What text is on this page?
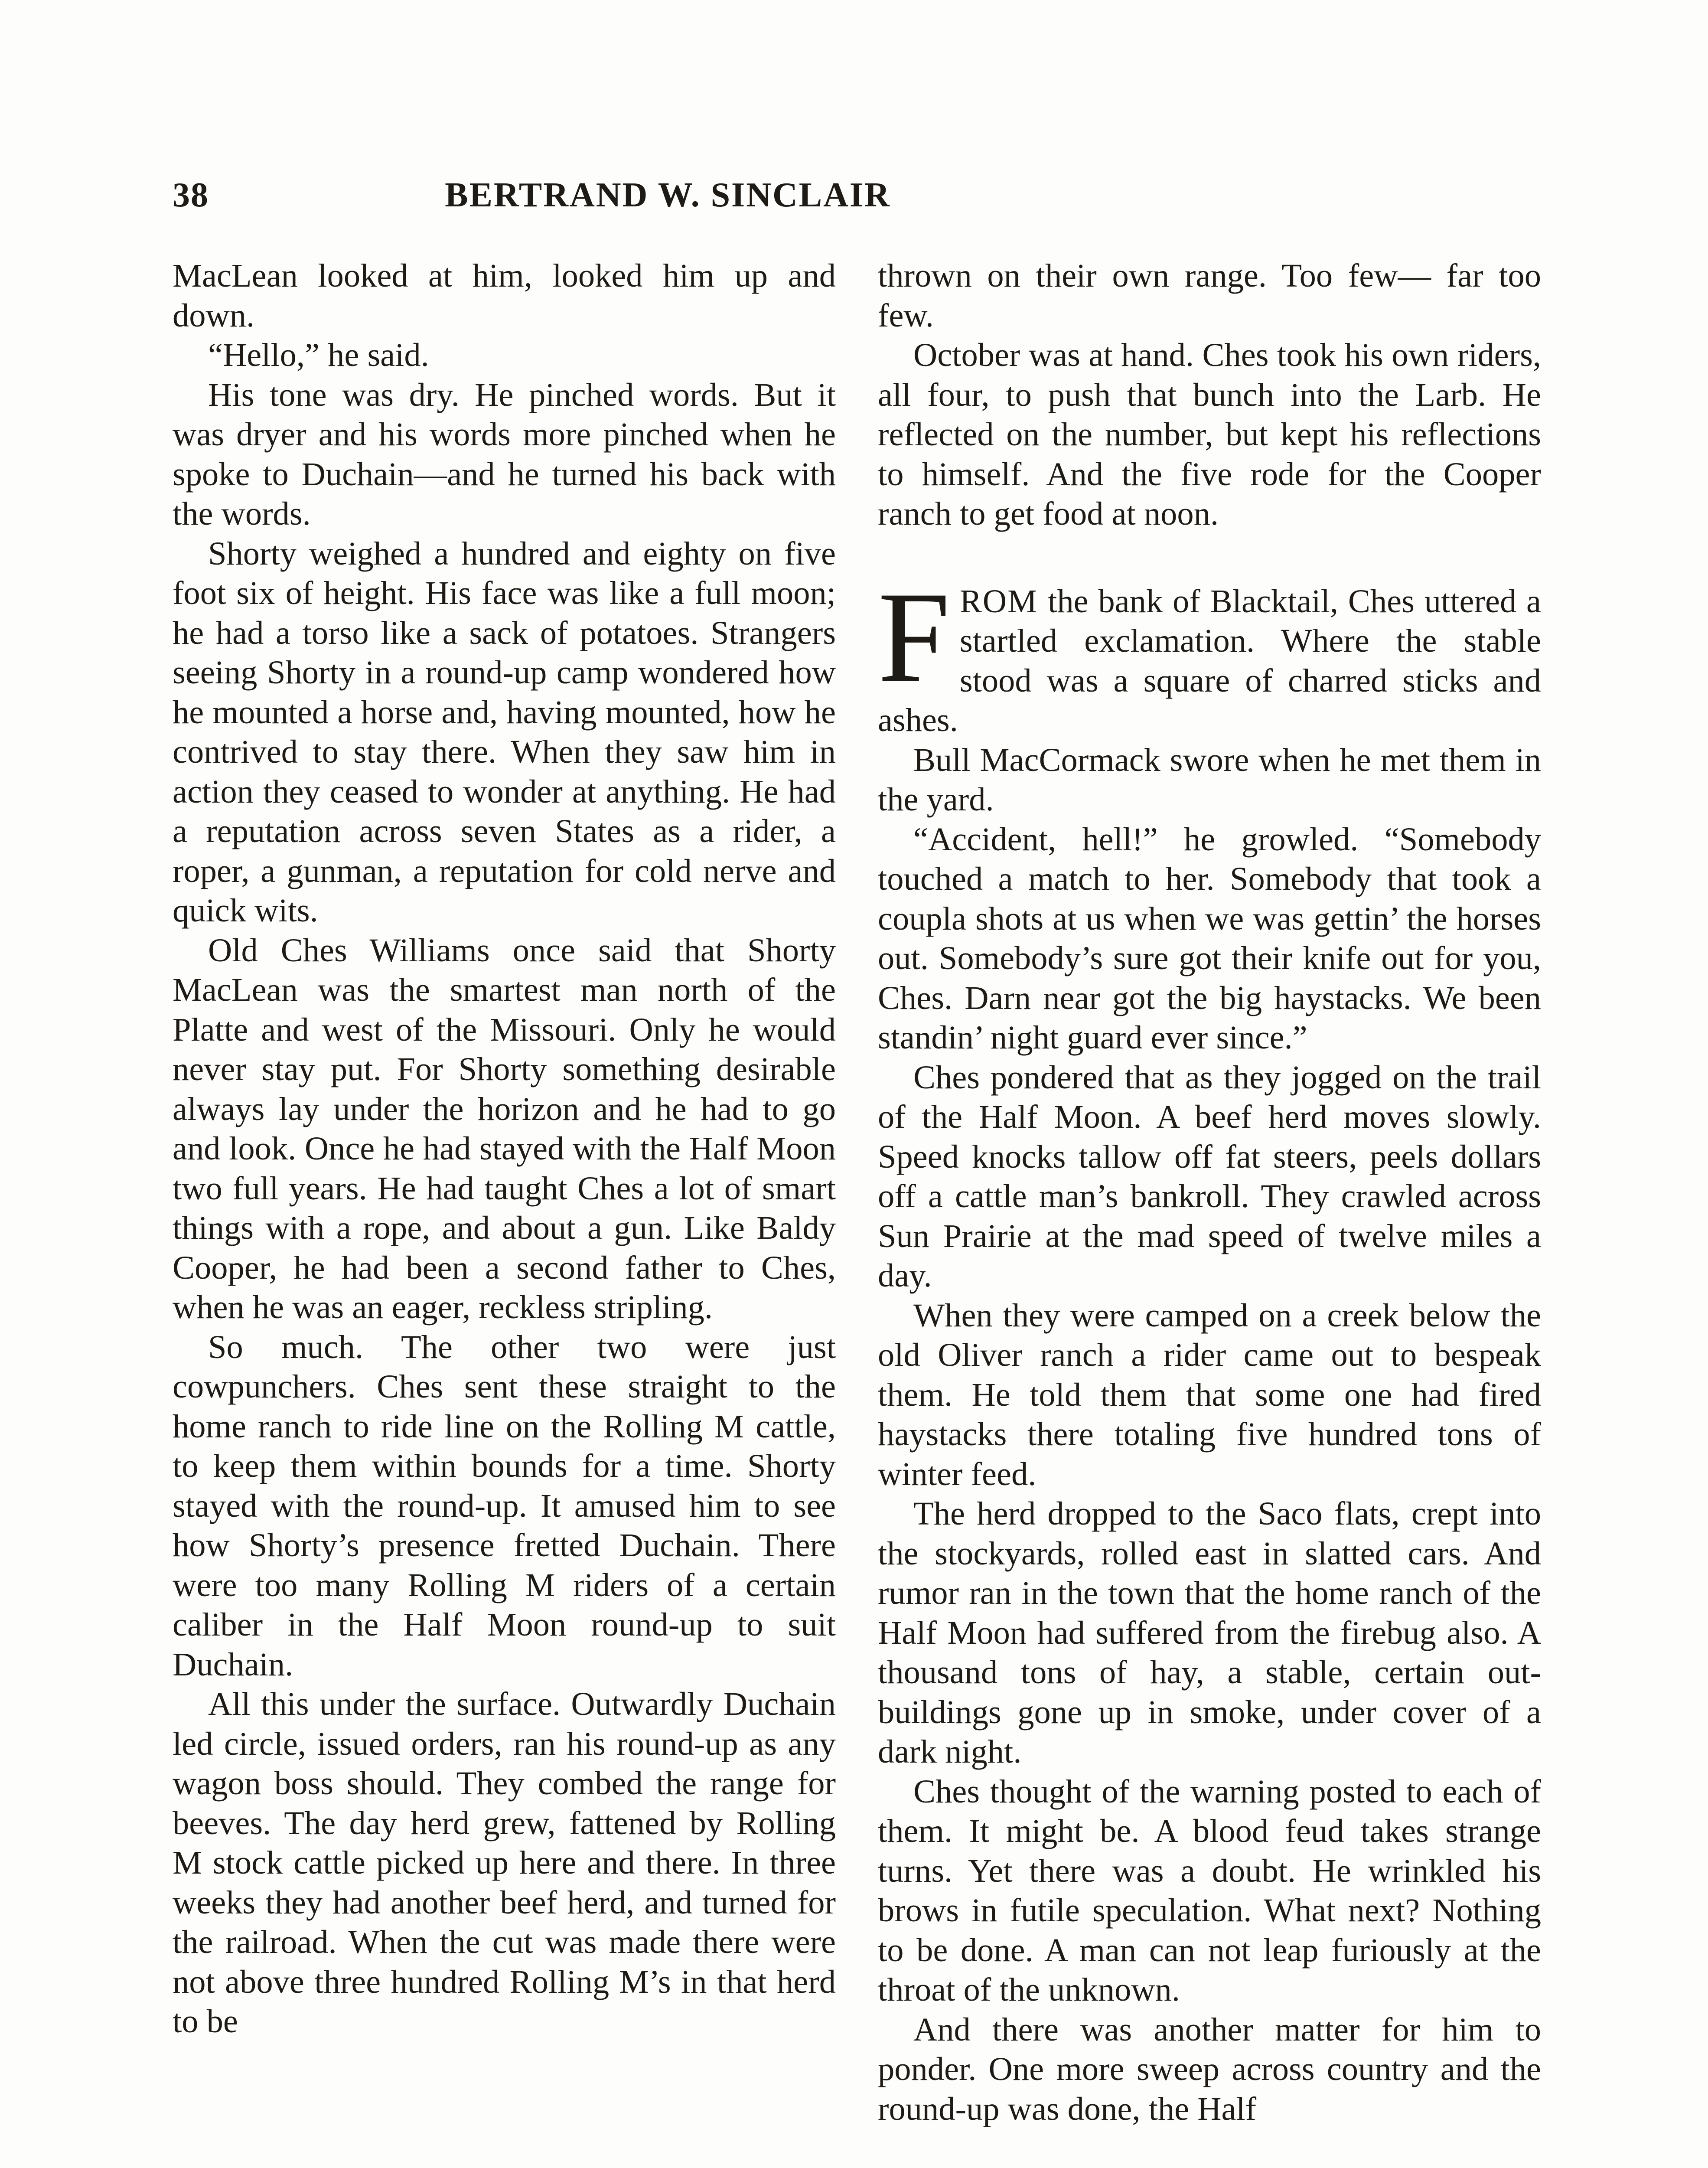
38	BERTRAND W. SINCLAIR

MacLean looked at him, looked him up and down.

“Hello,” he said.

His tone was dry. He pinched words. But it was dryer and his words more pinched when he spoke to Duchain—and he turned his back with the words.

Shorty weighed a hundred and eighty on five foot six of height. His face was like a full moon; he had a torso like a sack of potatoes. Strangers seeing Shorty in a round-up camp wondered how he mounted a horse and, having mounted, how he contrived to stay there. When they saw him in action they ceased to wonder at anything. He had a reputation across seven States as a rider, a roper, a gunman, a reputation for cold nerve and quick wits.

Old Ches Williams once said that Shorty MacLean was the smartest man north of the Platte and west of the Missouri. Only he would never stay put. For Shorty something desirable always lay under the horizon and he had to go and look. Once he had stayed with the Half Moon two full years. He had taught Ches a lot of smart things with a rope, and about a gun. Like Baldy Cooper, he had been a second father to Ches, when he was an eager, reckless stripling.

So much. The other two were just cowpunchers. Ches sent these straight to the home ranch to ride line on the Rolling M cattle, to keep them within bounds for a time. Shorty stayed with the round-up. It amused him to see how Shorty’s presence fretted Duchain. There were too many Rolling M riders of a certain caliber in the Half Moon round-up to suit Duchain.

All this under the surface. Outwardly Duchain led circle, issued orders, ran his round-up as any wagon boss should. They combed the range for beeves. The day herd grew, fattened by Rolling M stock cattle picked up here and there. In three weeks they had another beef herd, and turned for the railroad. When the cut was made there were not above three hundred Rolling M’s in that herd to be

thrown on their own range. Too few— far too few.

October was at hand. Ches took his own riders, all four, to push that bunch into the Larb. He reflected on the number, but kept his reflections to himself. And the five rode for the Cooper ranch to get food at noon.

FROM the bank of Blacktail, Ches uttered a startled exclamation. Where the stable stood was a square of charred sticks and ashes.

Bull MacCormack swore when he met them in the yard.

“Accident, hell!” he growled. “Somebody touched a match to her. Somebody that took a coupla shots at us when we was gettin’ the horses out. Somebody’s sure got their knife out for you, Ches. Darn near got the big haystacks. We been standin’ night guard ever since.”

Ches pondered that as they jogged on the trail of the Half Moon. A beef herd moves slowly. Speed knocks tallow off fat steers, peels dollars off a cattle man’s bankroll. They crawled across Sun Prairie at the mad speed of twelve miles a day.

When they were camped on a creek below the old Oliver ranch a rider came out to bespeak them. He told them that some one had fired haystacks there totaling five hundred tons of winter feed.

The herd dropped to the Saco flats, crept into the stockyards, rolled east in slatted cars. And rumor ran in the town that the home ranch of the Half Moon had suffered from the firebug also. A thousand tons of hay, a stable, certain out-buildings gone up in smoke, under cover of a dark night.

Ches thought of the warning posted to each of them. It might be. A blood feud takes strange turns. Yet there was a doubt. He wrinkled his brows in futile speculation. What next? Nothing to be done. A man can not leap furiously at the throat of the unknown.

And there was another matter for him to ponder. One more sweep across country and the round-up was done, the Half
